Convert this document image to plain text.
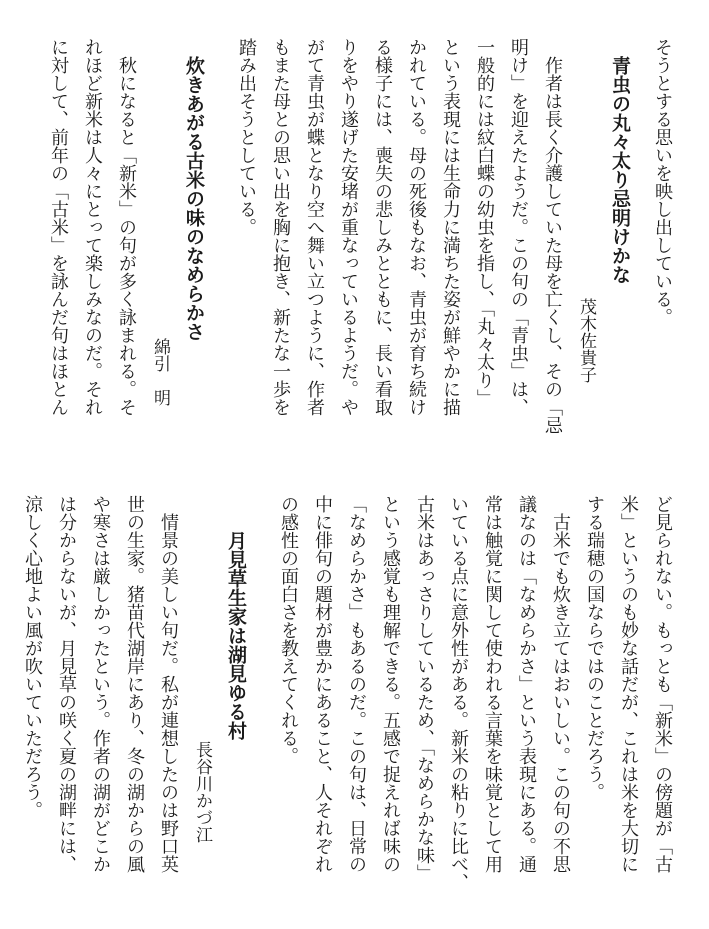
そうとする思いを映し出している。
青虫の丸々太り忌明けかな
茂木佐貴子
作者は長く介護していた母を亡くし、その「忌
明け」を迎えたようだ。この句の「青虫」は、
一般的には紋白蝶の幼虫を指し、「丸々太り」
という表現には生命力に満ちた姿が鮮やかに描
かれている。母の死後もなお、青虫が育ち続け
る様子には、喪失の悲しみとともに、長い看取
りをやり遂げた安堵が重なっているようだ。や
がて青虫が蝶となり空へ舞い立つように、作者
もまた母との思い出を胸に抱き、新たな一歩を
踏み出そうとしている。
炊きあがる古米の味のなめらかさ
綿引　明
秋になると「新米」の句が多く詠まれる。そ
れほど新米は人々にとって楽しみなのだ。それ
に対して、前年の「古米」を詠んだ句はほとん
ど見られない。もっとも「新米」の傍題が「古
米」というのも妙な話だが、これは米を大切に
する瑞穂の国ならではのことだろう。
古米でも炊き立てはおいしい。この句の不思
議なのは「なめらかさ」という表現にある。通
常は触覚に関して使われる言葉を味覚として用
いている点に意外性がある。新米の粘りに比べ、
古米はあっさりしているため、「なめらかな味」
という感覚も理解できる。五感で捉えれば味の
「なめらかさ」もあるのだ。この句は、日常の
中に俳句の題材が豊かにあること、人それぞれ
の感性の面白さを教えてくれる。
月見草生家は湖見ゆる村
長谷川かづ江
情景の美しい句だ。私が連想したのは野口英
世の生家。猪苗代湖岸にあり、冬の湖からの風
や寒さは厳しかったという。作者の湖がどこか
は分からないが、月見草の咲く夏の湖畔には、
涼しく心地よい風が吹いていただろう。
